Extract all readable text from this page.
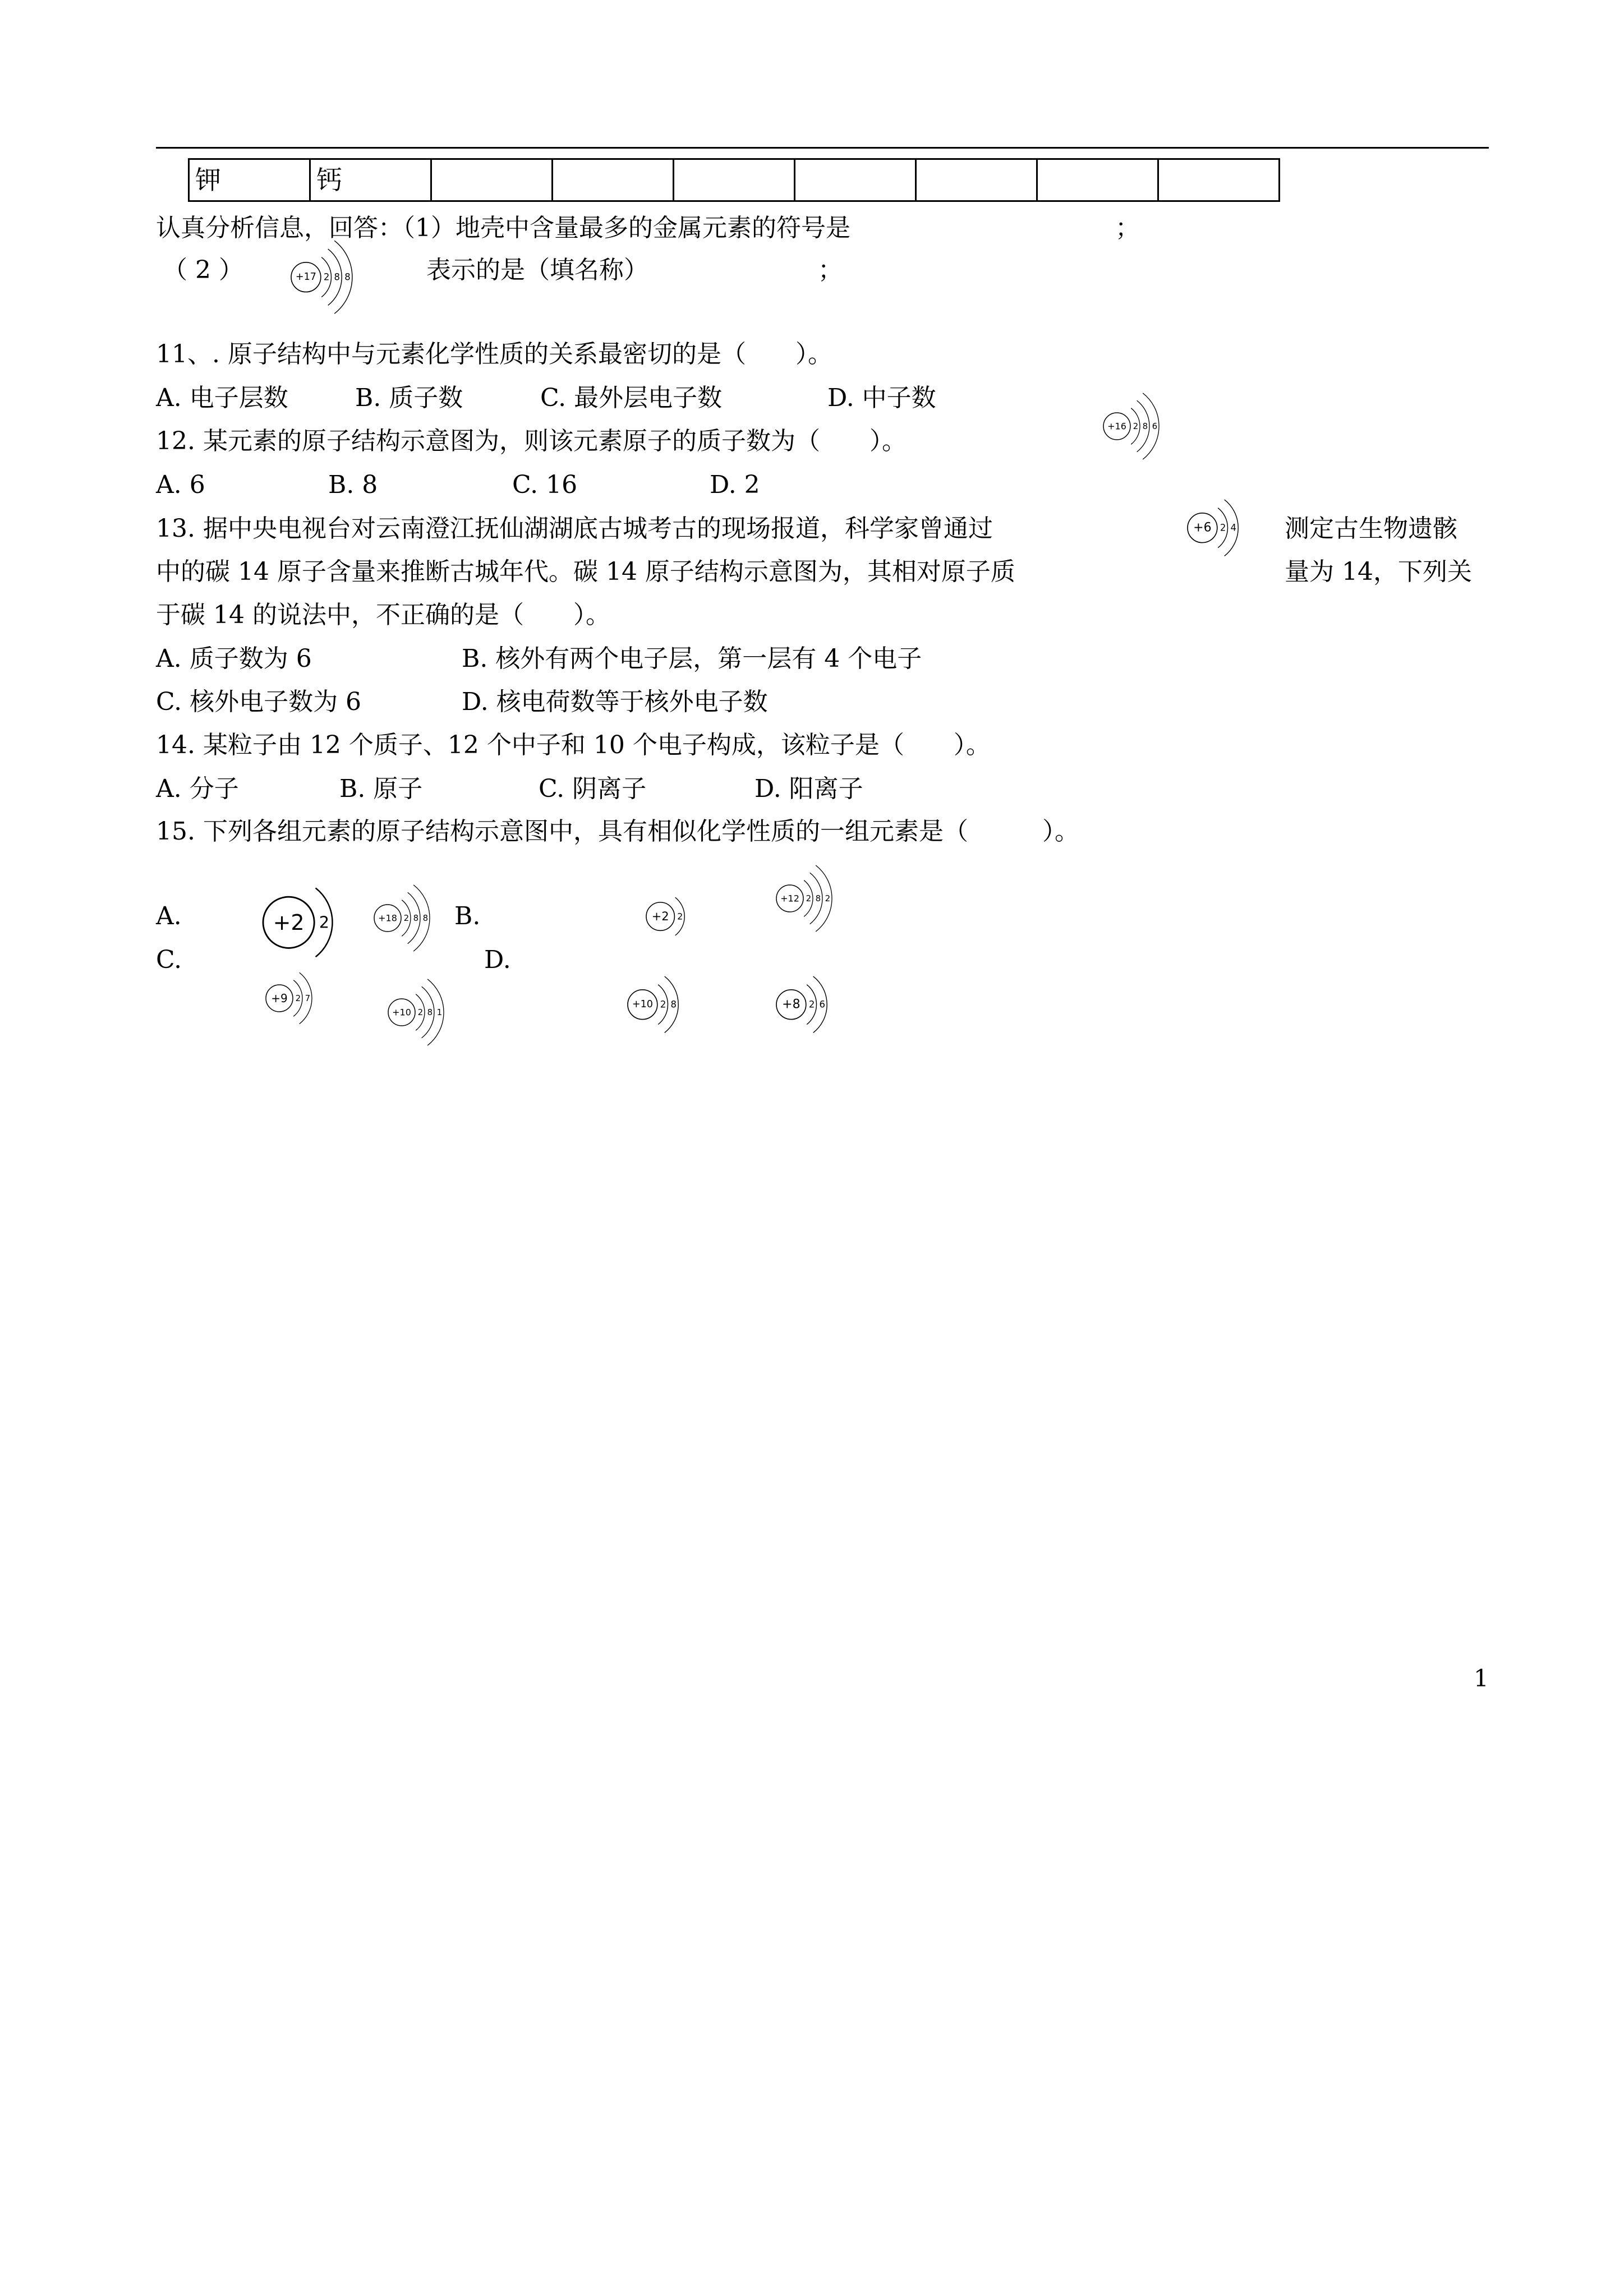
钾	钙							
认真分析信息，回答：（1）地壳中含量最多的金属元素的符号是	；
（ 2 ）	+17 2 8 8	表示的是（填名称）	；
11、. 原子结构中与元素化学性质的关系最密切的是（　　）。
A. 电子层数	B. 质子数	C. 最外层电子数	D. 中子数
12. 某元素的原子结构示意图为，则该元素原子的质子数为（　　）。
+16 2 8 6
A. 6	B. 8	C. 16	D. 2
13. 据中央电视台对云南澄江抚仙湖湖底古城考古的现场报道，科学家曾通过	+6 2 4 测定古生物遗骸
中的碳 14 原子含量来推断古城年代。碳 14 原子结构示意图为，其相对原子质	量为 14，下列关
于碳 14 的说法中，不正确的是（　　）。
A. 质子数为 6	B. 核外有两个电子层，第一层有 4 个电子
C. 核外电子数为 6	D. 核电荷数等于核外电子数
14. 某粒子由 12 个质子、12 个中子和 10 个电子构成，该粒子是（　　）。
A. 分子	B. 原子	C. 阴离子	D. 阳离子
15. 下列各组元素的原子结构示意图中，具有相似化学性质的一组元素是（　　　）。
A.	B.
C.	D.
+2 2	+18 2 8 8	+2 2
+12 2 8 2
+9 2 7
+10 2 8 1
+10 2 8	+8 2 6
1
